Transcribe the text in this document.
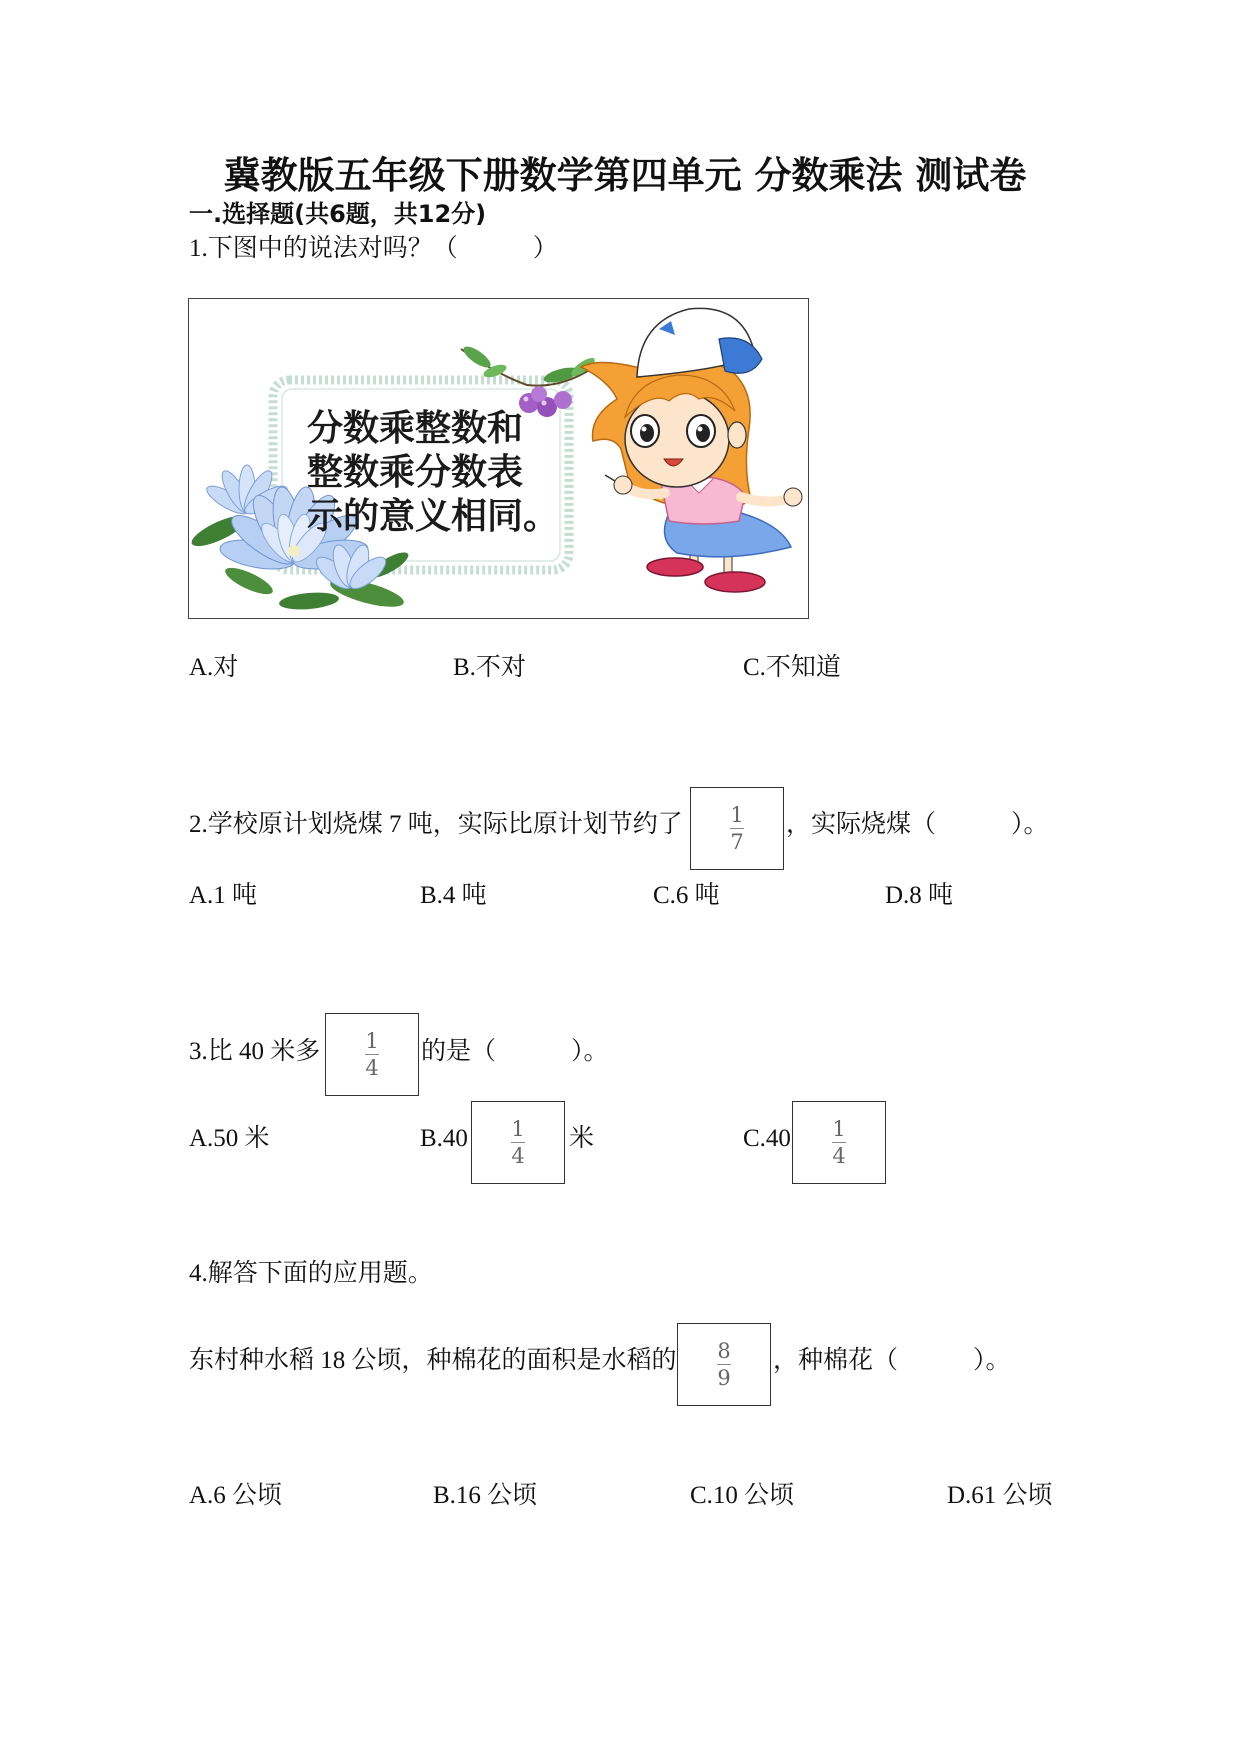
冀教版五年级下册数学第四单元 分数乘法 测试卷
一.选择题(共6题，共12分)
1.下图中的说法对吗？（　　　）
分数乘整数和
整数乘分数表
示的意义相同。
A.对	B.不对	C.不知道
2.学校原计划烧煤 7 吨，实际比原计划节约了 $\frac{1}{7}$ ，实际烧煤（　　　）。
A.1 吨	B.4 吨	C.6 吨	D.8 吨
3.比 40 米多 $\frac{1}{4}$ 的是（　　　）。
A.50 米	$B.40 \frac{1}{4}$ 米	$C.40 \frac{1}{4}$
4.解答下面的应用题。
东村种水稻 18 公顷，种棉花的面积是水稻的 $\frac{8}{9}$ ，种棉花（　　　）。
A.6 公顷	B.16 公顷	C.10 公顷	D.61 公顷
